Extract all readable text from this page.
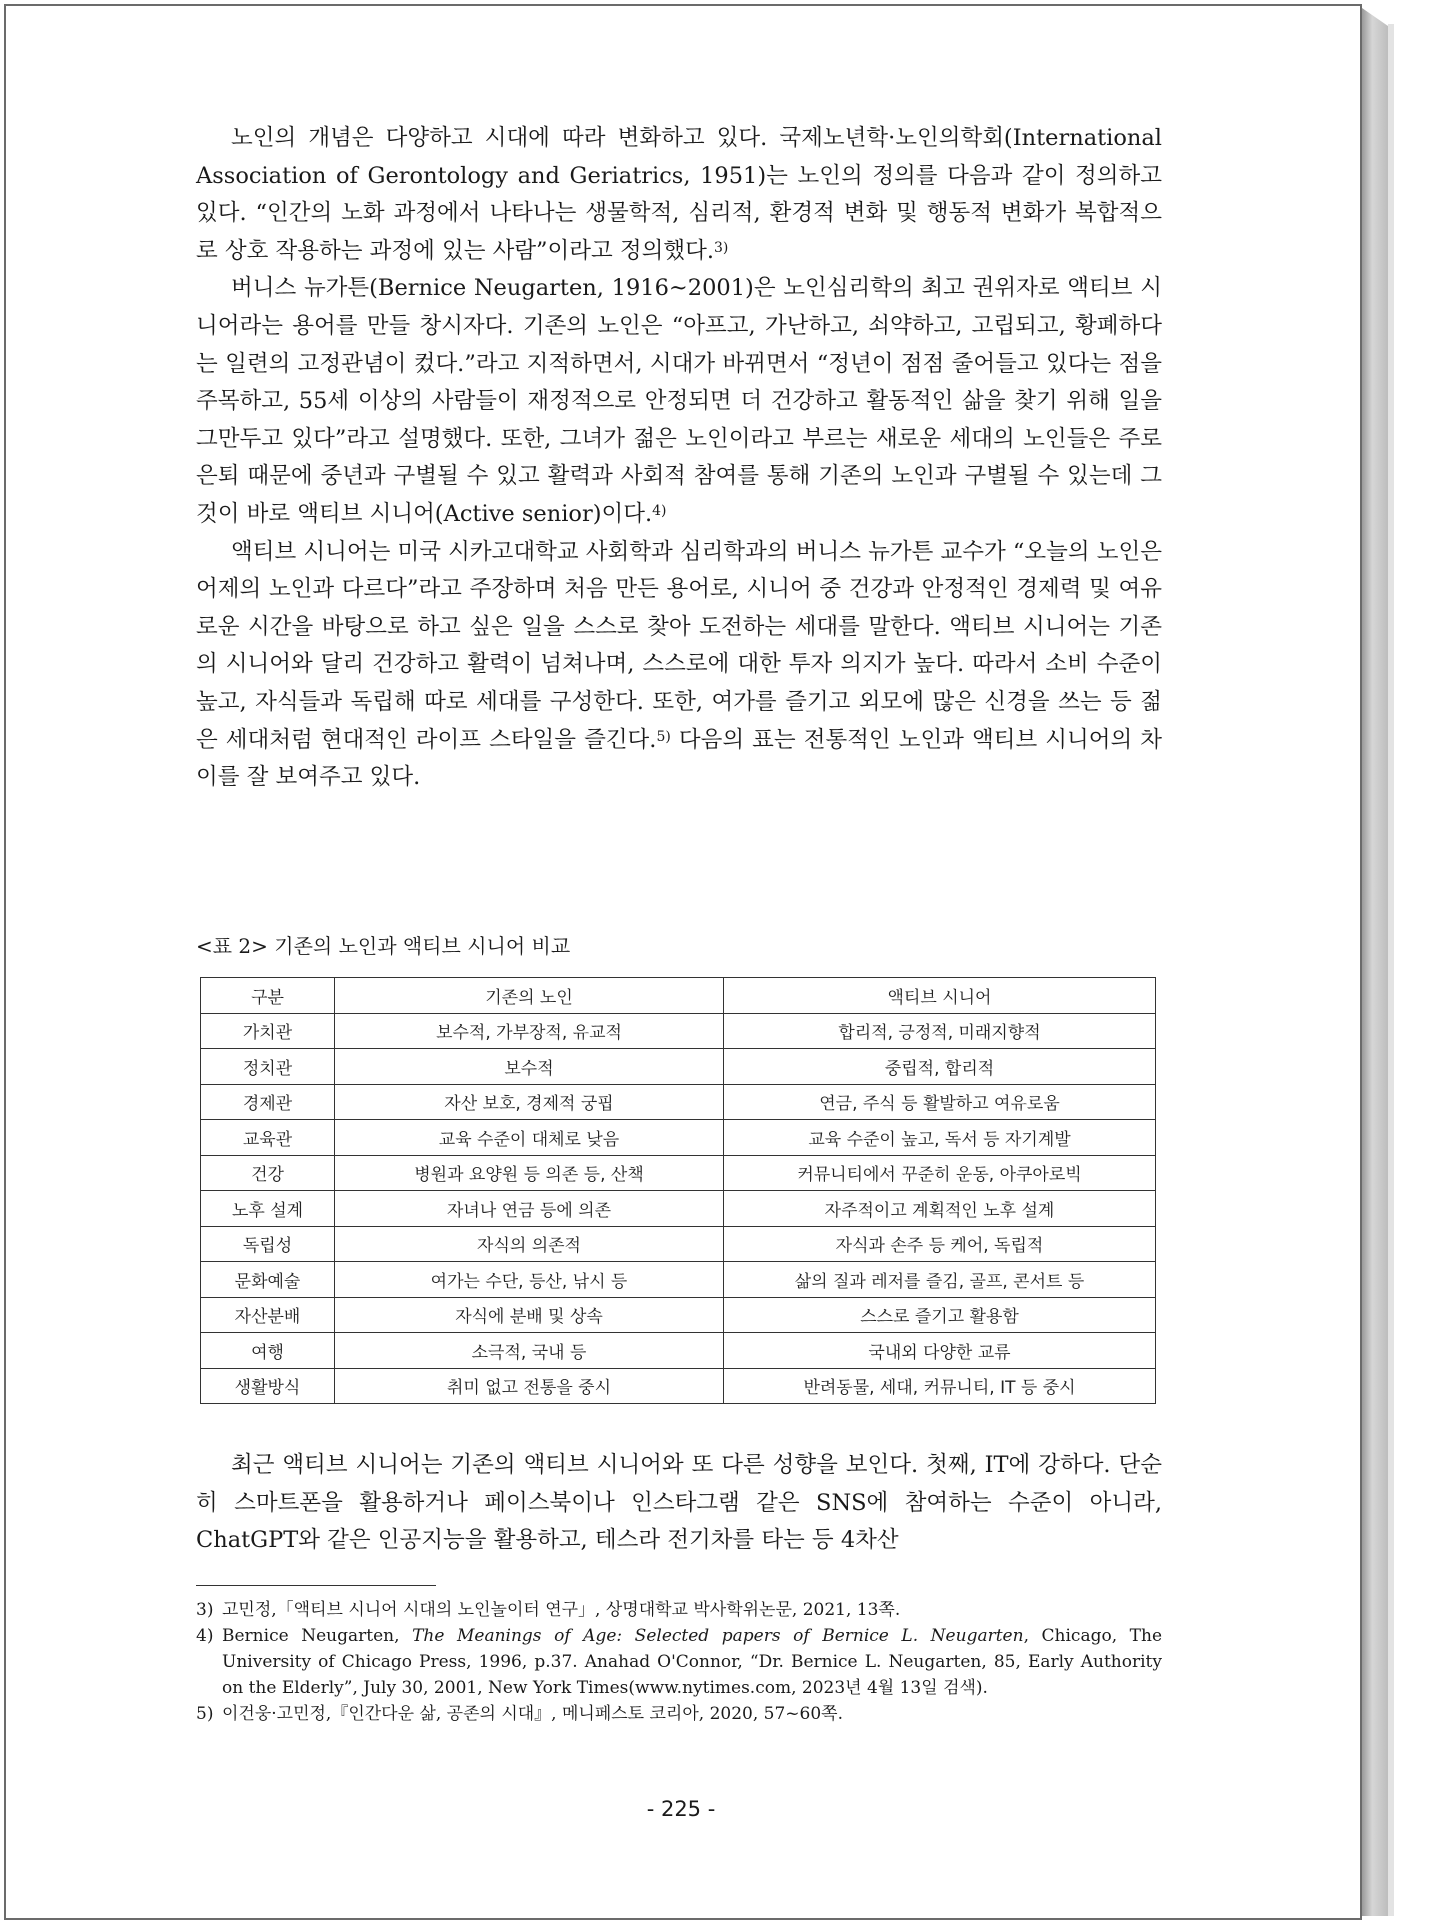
노인의 개념은 다양하고 시대에 따라 변화하고 있다. 국제노년학·노인의학회(International Association of Gerontology and Geriatrics, 1951)는 노인의 정의를 다음과 같이 정의하고 있다. “인간의 노화 과정에서 나타나는 생물학적, 심리적, 환경적 변화 및 행동적 변화가 복합적으로 상호 작용하는 과정에 있는 사람”이라고 정의했다.$^{3)}$

버니스 뉴가튼(Bernice Neugarten, 1916~2001)은 노인심리학의 최고 권위자로 액티브 시니어라는 용어를 만들 창시자다. 기존의 노인은 “아프고, 가난하고, 쇠약하고, 고립되고, 황폐하다는 일련의 고정관념이 컸다.”라고 지적하면서, 시대가 바뀌면서 “정년이 점점 줄어들고 있다는 점을 주목하고, 55세 이상의 사람들이 재정적으로 안정되면 더 건강하고 활동적인 삶을 찾기 위해 일을 그만두고 있다”라고 설명했다. 또한, 그녀가 젊은 노인이라고 부르는 새로운 세대의 노인들은 주로 은퇴 때문에 중년과 구별될 수 있고 활력과 사회적 참여를 통해 기존의 노인과 구별될 수 있는데 그것이 바로 액티브 시니어(Active senior)이다.$^{4)}$

액티브 시니어는 미국 시카고대학교 사회학과 심리학과의 버니스 뉴가튼 교수가 “오늘의 노인은 어제의 노인과 다르다”라고 주장하며 처음 만든 용어로, 시니어 중 건강과 안정적인 경제력 및 여유로운 시간을 바탕으로 하고 싶은 일을 스스로 찾아 도전하는 세대를 말한다. 액티브 시니어는 기존의 시니어와 달리 건강하고 활력이 넘쳐나며, 스스로에 대한 투자 의지가 높다. 따라서 소비 수준이 높고, 자식들과 독립해 따로 세대를 구성한다. 또한, 여가를 즐기고 외모에 많은 신경을 쓰는 등 젊은 세대처럼 현대적인 라이프 스타일을 즐긴다.$^{5)}$ 다음의 표는 전통적인 노인과 액티브 시니어의 차이를 잘 보여주고 있다.

<표 2> 기존의 노인과 액티브 시니어 비교
구분	기존의 노인	액티브 시니어
가치관	보수적, 가부장적, 유교적	합리적, 긍정적, 미래지향적
정치관	보수적	중립적, 합리적
경제관	자산 보호, 경제적 궁핍	연금, 주식 등 활발하고 여유로움
교육관	교육 수준이 대체로 낮음	교육 수준이 높고, 독서 등 자기계발
건강	병원과 요양원 등 의존 등, 산책	커뮤니티에서 꾸준히 운동, 아쿠아로빅
노후 설계	자녀나 연금 등에 의존	자주적이고 계획적인 노후 설계
독립성	자식의 의존적	자식과 손주 등 케어, 독립적
문화예술	여가는 수단, 등산, 낚시 등	삶의 질과 레저를 즐김, 골프, 콘서트 등
자산분배	자식에 분배 및 상속	스스로 즐기고 활용함
여행	소극적, 국내 등	국내외 다양한 교류
생활방식	취미 없고 전통을 중시	반려동물, 세대, 커뮤니티, IT 등 중시

최근 액티브 시니어는 기존의 액티브 시니어와 또 다른 성향을 보인다. 첫째, IT에 강하다. 단순히 스마트폰을 활용하거나 페이스북이나 인스타그램 같은 SNS에 참여하는 수준이 아니라, ChatGPT와 같은 인공지능을 활용하고, 테스라 전기차를 타는 등 4차산

3) 고민정,「액티브 시니어 시대의 노인놀이터 연구」, 상명대학교 박사학위논문, 2021, 13쪽.
4) Bernice Neugarten, The Meanings of Age: Selected papers of Bernice L. Neugarten, Chicago, The University of Chicago Press, 1996, p.37. Anahad O'Connor, “Dr. Bernice L. Neugarten, 85, Early Authority on the Elderly”, July 30, 2001, New York Times(www.nytimes.com, 2023년 4월 13일 검색).
5) 이건웅·고민정,『인간다운 삶, 공존의 시대』, 메니페스토 코리아, 2020, 57~60쪽.
- 225 -
